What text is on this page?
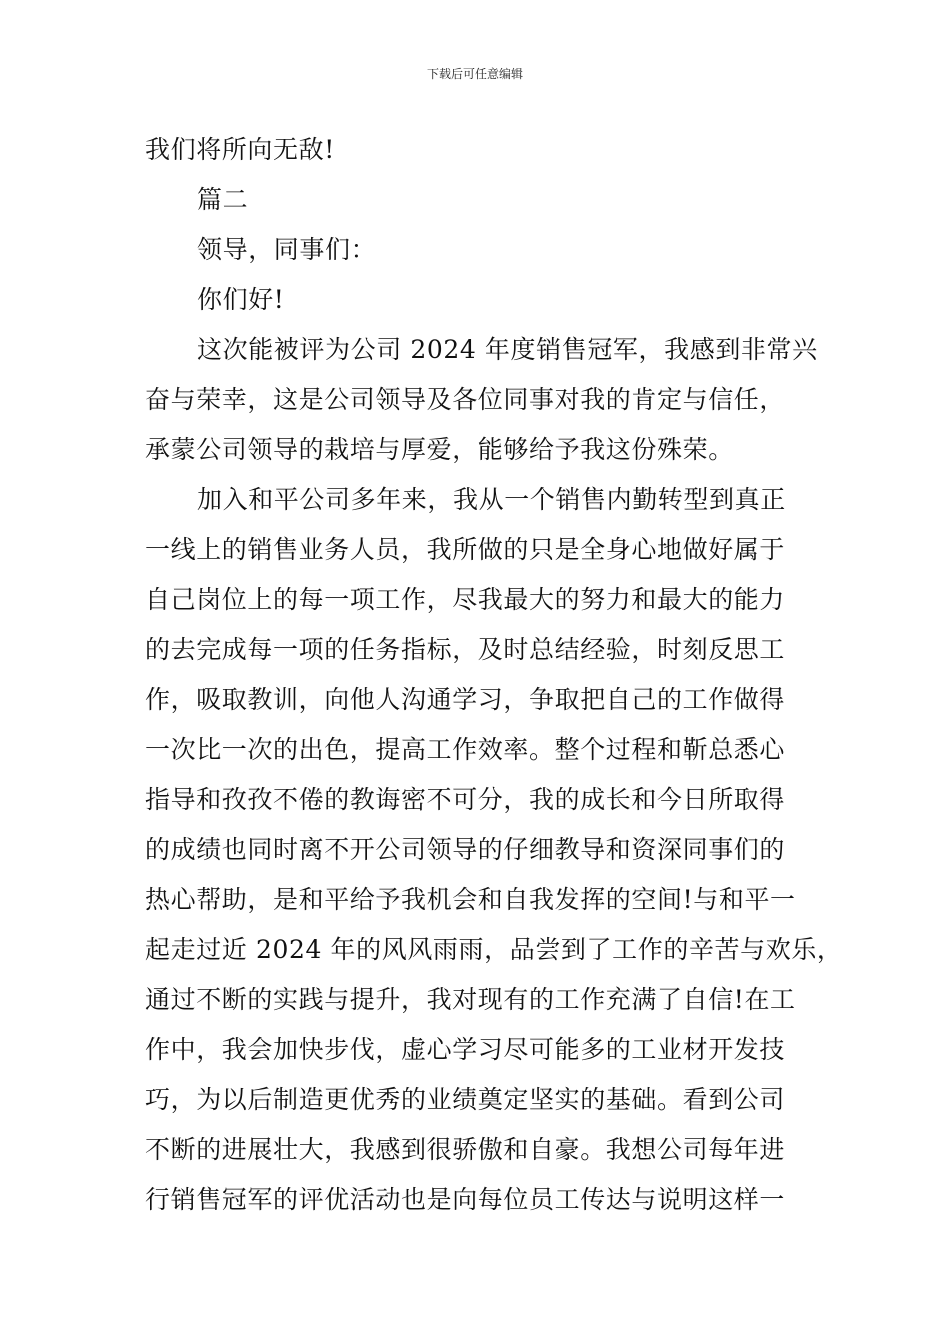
下载后可任意编辑
我们将所向无敌!
篇二
领导，同事们：
你们好!
这次能被评为公司 2024 年度销售冠军，我感到非常兴
奋与荣幸，这是公司领导及各位同事对我的肯定与信任，
承蒙公司领导的栽培与厚爱，能够给予我这份殊荣。
加入和平公司多年来，我从一个销售内勤转型到真正
一线上的销售业务人员，我所做的只是全身心地做好属于
自己岗位上的每一项工作，尽我最大的努力和最大的能力
的去完成每一项的任务指标，及时总结经验，时刻反思工
作，吸取教训，向他人沟通学习，争取把自己的工作做得
一次比一次的出色，提高工作效率。整个过程和靳总悉心
指导和孜孜不倦的教诲密不可分，我的成长和今日所取得
的成绩也同时离不开公司领导的仔细教导和资深同事们的
热心帮助，是和平给予我机会和自我发挥的空间!与和平一
起走过近 2024 年的风风雨雨，品尝到了工作的辛苦与欢乐，
通过不断的实践与提升，我对现有的工作充满了自信!在工
作中，我会加快步伐，虚心学习尽可能多的工业材开发技
巧，为以后制造更优秀的业绩奠定坚实的基础。看到公司
不断的进展壮大，我感到很骄傲和自豪。我想公司每年进
行销售冠军的评优活动也是向每位员工传达与说明这样一
